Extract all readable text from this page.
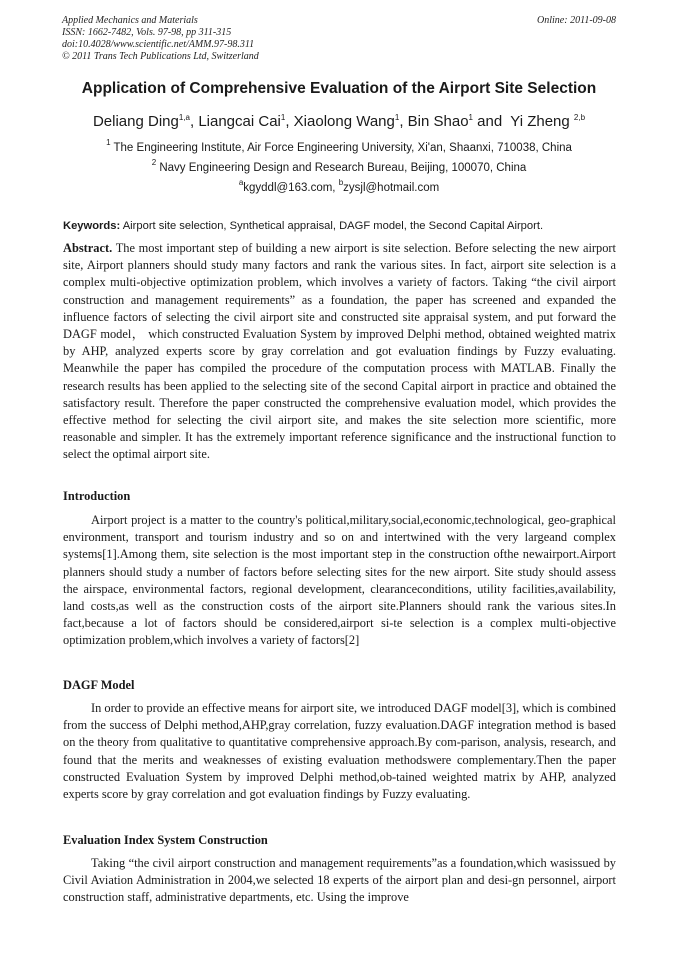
Applied Mechanics and Materials
ISSN: 1662-7482, Vols. 97-98, pp 311-315
doi:10.4028/www.scientific.net/AMM.97-98.311
© 2011 Trans Tech Publications Ltd, Switzerland
Online: 2011-09-08
Application of Comprehensive Evaluation of the Airport Site Selection
Deliang Ding$^{1,a}$, Liangcai Cai$^1$, Xiaolong Wang$^1$, Bin Shao$^1$ and  Yi Zheng $^{2,b}$
$^1$ The Engineering Institute, Air Force Engineering University, Xi'an, Shaanxi, 710038, China
$^2$ Navy Engineering Design and Research Bureau, Beijing, 100070, China
$^a$kgyddl@163.com, $^b$zysjl@hotmail.com
Keywords: Airport site selection, Synthetical appraisal, DAGF model, the Second Capital Airport.

Abstract. The most important step of building a new airport is site selection. Before selecting the new airport site, Airport planners should study many factors and rank the various sites. In fact, airport site selection is a complex multi-objective optimization problem, which involves a variety of factors. Taking “the civil airport construction and management requirements” as a foundation, the paper has screened and expanded the influence factors of selecting the civil airport site and constructed site appraisal system, and put forward the DAGF model， which constructed Evaluation System by improved Delphi method, obtained weighted matrix by AHP, analyzed experts score by gray correlation and got evaluation findings by Fuzzy evaluating. Meanwhile the paper has compiled the procedure of the computation process with MATLAB. Finally the research results has been applied to the selecting site of the second Capital airport in practice and obtained the satisfactory result. Therefore the paper constructed the comprehensive evaluation model, which provides the effective method for selecting the civil airport site, and makes the site selection more scientific, more reasonable and simpler. It has the extremely important reference significance and the instructional function to select the optimal airport site.

Introduction

Airport project is a matter to the country's political,military,social,economic,technological, geo-graphical environment, transport and tourism industry and so on and intertwined with the very largeand complex systems[1].Among them, site selection is the most important step in the construction ofthe newairport.Airport planners should study a number of factors before selecting sites for the new airport. Site study should assess the airspace, environmental factors, regional development, clearanceconditions, utility facilities,availability, land costs,as well as the construction costs of the airport site.Planners should rank the various sites.In fact,because a lot of factors should be considered,airport si-te selection is a complex multi-objective optimization problem,which involves a variety of factors[2]

DAGF Model

In order to provide an effective means for airport site, we introduced DAGF model[3], which is combined from the success of Delphi method,AHP,gray correlation, fuzzy evaluation.DAGF integration method is based on the theory from qualitative to quantitative comprehensive approach.By com-parison, analysis, research, and found that the merits and weaknesses of existing evaluation methodswere complementary.Then the paper constructed Evaluation System by improved Delphi method,ob-tained weighted matrix by AHP, analyzed experts score by gray correlation and got evaluation findings by Fuzzy evaluating.

Evaluation Index System Construction

Taking “the civil airport construction and management requirements”as a foundation,which wasissued by Civil Aviation Administration in 2004,we selected 18 experts of the airport plan and desi-gn personnel, airport construction staff, administrative departments, etc. Using the improve
